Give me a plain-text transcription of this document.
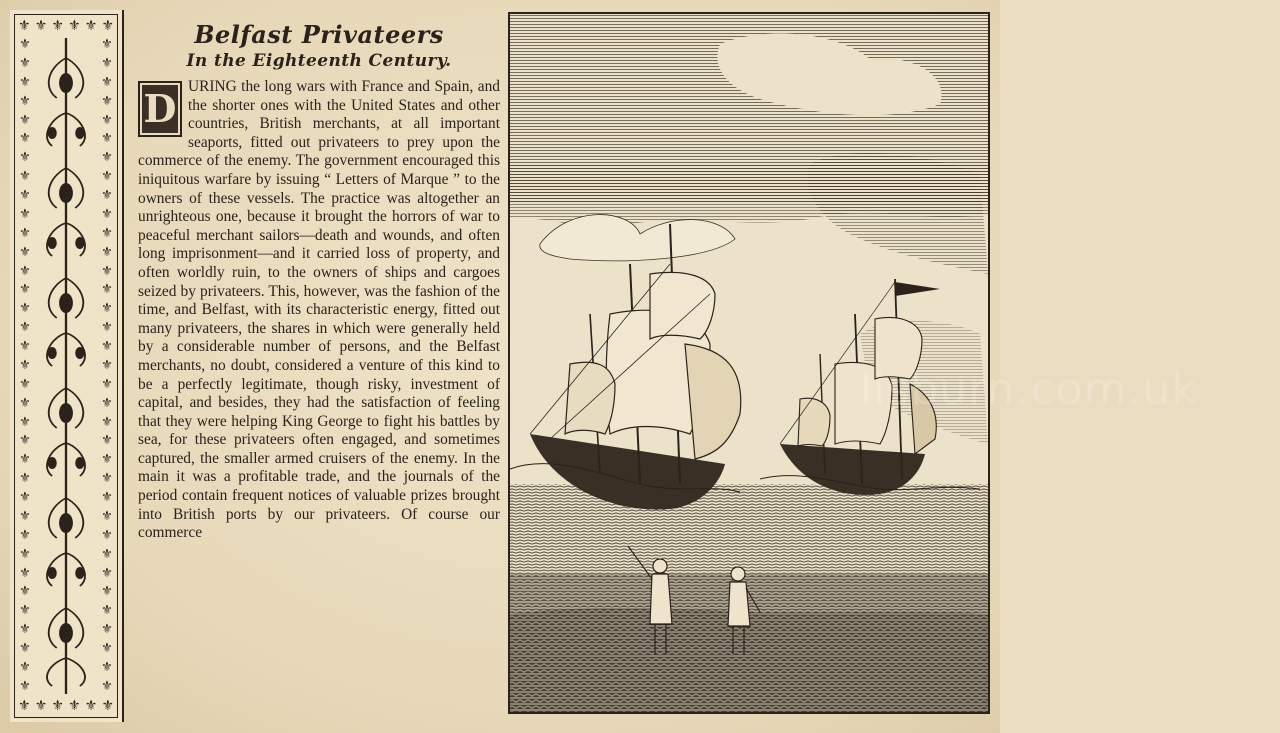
⚜ ⚜ ⚜ ⚜ ⚜ ⚜
⚜
⚜
⚜
⚜
⚜
⚜
⚜
⚜
⚜
⚜
⚜
⚜
⚜
⚜
⚜
⚜
⚜
⚜
⚜
⚜
⚜
⚜
⚜
⚜
⚜
⚜
⚜
⚜
⚜
⚜
⚜
⚜
⚜
⚜
⚜
⚜
⚜
⚜
⚜
⚜
⚜
⚜
⚜
⚜
⚜
⚜
⚜
⚜
⚜
⚜
⚜
⚜
⚜
⚜
⚜
⚜
⚜
⚜
⚜
⚜
⚜
⚜
⚜
⚜
⚜
⚜
⚜
⚜
⚜
⚜
⚜ ⚜ ⚜ ⚜ ⚜ ⚜
Belfast Privateers
In the Eighteenth Century.
D URING the long wars with France and Spain, and the shorter ones with the United States and other countries, British merchants, at all important seaports, fitted out privateers to prey upon the commerce of the enemy. The government encouraged this iniquitous warfare by issuing “ Letters of Marque ” to the owners of these vessels. The practice was altogether an unrighteous one, because it brought the horrors of war to peaceful merchant sailors—death and wounds, and often long imprisonment—and it carried loss of property, and often worldly ruin, to the owners of ships and cargoes seized by privateers. This, however, was the fashion of the time, and Belfast, with its characteristic energy, fitted out many privateers, the shares in which were generally held by a considerable number of persons, and the Belfast merchants, no doubt, considered a venture of this kind to be a perfectly legitimate, though risky, investment of capital, and besides, they had the satisfaction of feeling that they were helping King George to fight his battles by sea, for these privateers often engaged, and sometimes captured, the smaller armed cruisers of the enemy. In the main it was a profitable trade, and the journals of the period contain frequent notices of valuable prizes brought into British ports by our privateers. Of course our commerce
lisburn.com.uk
